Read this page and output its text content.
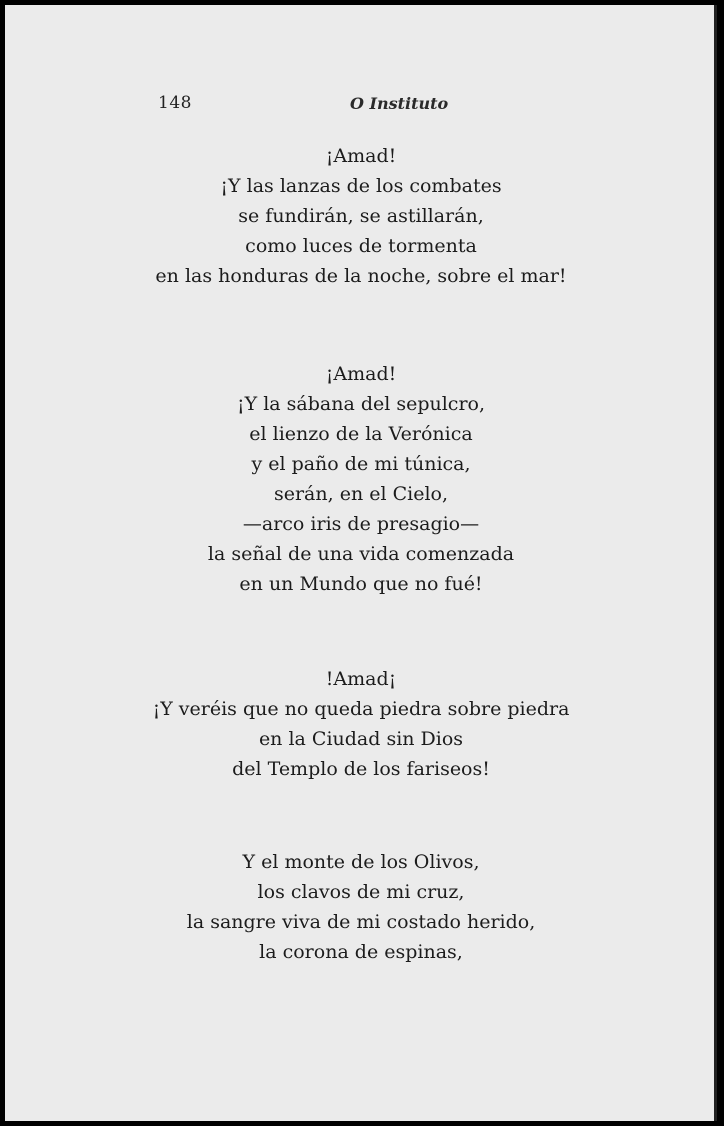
148	O Instituto
¡Amad!
¡Y las lanzas de los combates
se fundirán, se astillarán,
como luces de tormenta
en las honduras de la noche, sobre el mar!
¡Amad!
¡Y la sábana del sepulcro,
el lienzo de la Verónica
y el paño de mi túnica,
serán, en el Cielo,
—arco iris de presagio—
la señal de una vida comenzada
en un Mundo que no fué!
!Amad¡
¡Y veréis que no queda piedra sobre piedra
en la Ciudad sin Dios
del Templo de los fariseos!
Y el monte de los Olivos,
los clavos de mi cruz,
la sangre viva de mi costado herido,
la corona de espinas,
